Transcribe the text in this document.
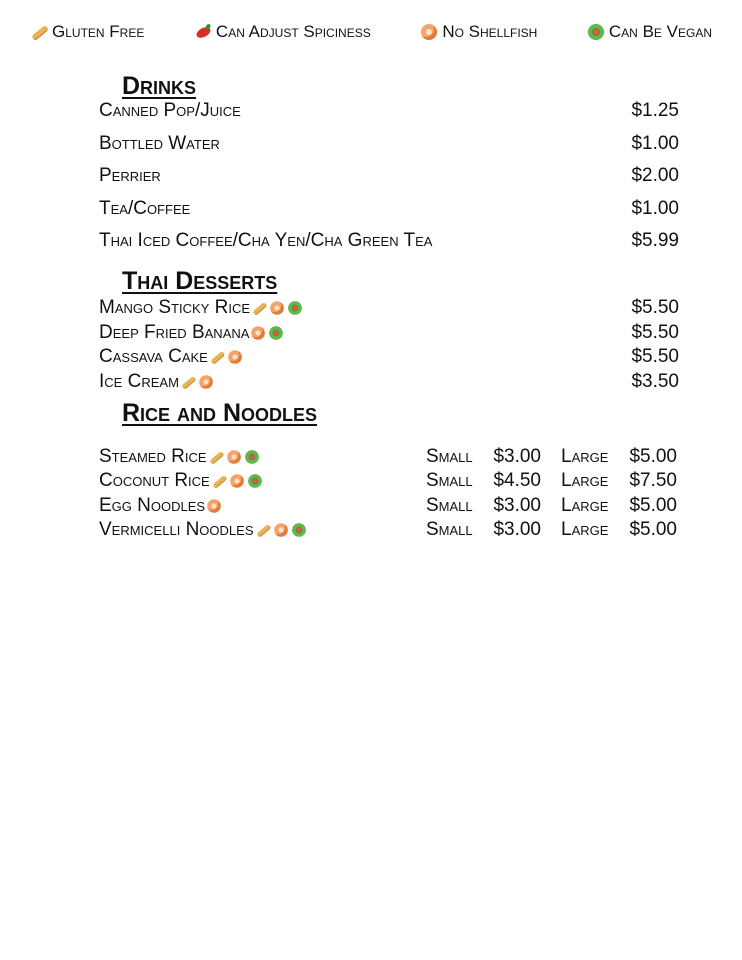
Gluten Free	Can Adjust Spiciness	No Shellfish	Can Be Vegan
Drinks
Canned Pop/Juice	$1.25
Bottled Water	$1.00
Perrier	$2.00
Tea/Coffee	$1.00
Thai Iced Coffee/Cha Yen/Cha Green Tea	$5.99
Thai Desserts
Mango Sticky Rice	$5.50
Deep Fried Banana	$5.50
Cassava Cake	$5.50
Ice Cream	$3.50
Rice and Noodles
Steamed Rice	Small $3.00 Large $5.00
Coconut Rice	Small $4.50 Large $7.50
Egg Noodles	Small $3.00 Large $5.00
Vermicelli Noodles	Small $3.00 Large $5.00
